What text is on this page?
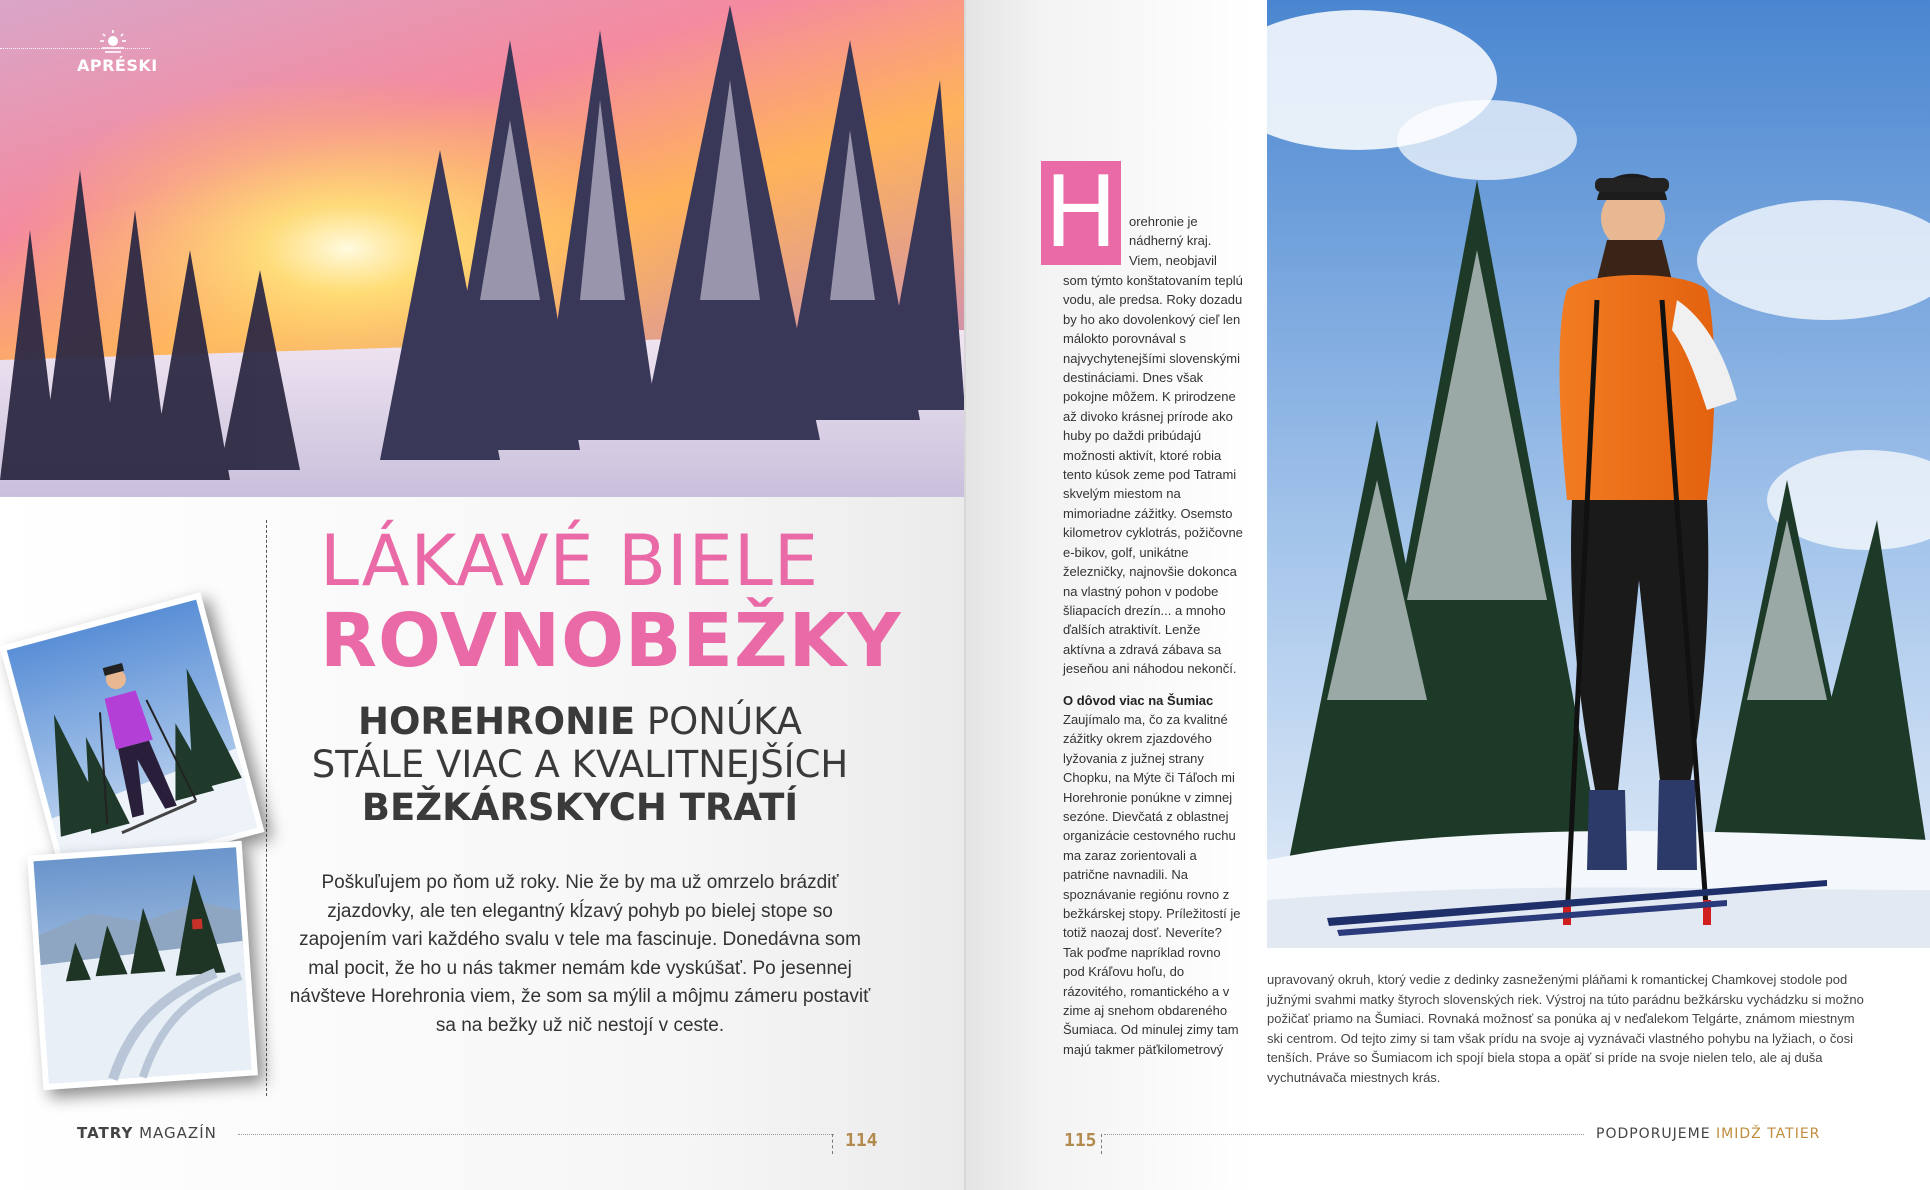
APRÉSKI
LÁKAVÉ BIELE
ROVNOBEŽKY
HOREHRONIE PONÚKA
STÁLE VIAC A KVALITNEJŠÍCH
BEŽKÁRSKYCH TRATÍ
Poškuľujem po ňom už roky. Nie že by ma už omrzelo brázdiť zjazdovky, ale ten elegantný kĺzavý pohyb po bielej stope so zapojením vari každého svalu v tele ma fascinuje. Donedávna som mal pocit, že ho u nás takmer nemám kde vyskúšať. Po jesennej návšteve Horehronia viem, že som sa mýlil a môjmu zámeru postaviť sa na bežky už nič nestojí v ceste.
TATRY MAGAZÍN	114
H orehronie je nádherný kraj. Viem, neobjavil

som týmto konštatovaním teplú vodu, ale predsa. Roky dozadu by ho ako dovolenkový cieľ len málokto porovnával s najvychytenejšími slovenskými destináciami. Dnes však pokojne môžem. K prirodzene až divoko krásnej prírode ako huby po daždi pribúdajú možnosti aktivít, ktoré robia tento kúsok zeme pod Tatrami skvelým miestom na mimoriadne zážitky. Osemsto kilometrov cyklotrás, požičovne e-bikov, golf, unikátne železničky, najnovšie dokonca na vlastný pohon v podobe šliapacích drezín... a mnoho ďalších atraktivít. Lenže aktívna a zdravá zábava sa jeseňou ani náhodou nekončí.

O dôvod viac na Šumiac

Zaujímalo ma, čo za kvalitné zážitky okrem zjazdového lyžovania z južnej strany Chopku, na Mýte či Táľoch mi Horehronie ponúkne v zimnej sezóne. Dievčatá z oblastnej organizácie cestovného ruchu ma zaraz zorientovali a patrične navnadili. Na spoznávanie regiónu rovno z bežkárskej stopy. Príležitostí je totiž naozaj dosť. Neveríte? Tak poďme napríklad rovno pod Kráľovu hoľu, do rázovitého, romantického a v zime aj snehom obdareného Šumiaca. Od minulej zimy tam majú takmer päťkilometrový

upravovaný okruh, ktorý vedie z dedinky zasneženými pláňami k romantickej Chamkovej stodole pod južnými svahmi matky štyroch slovenských riek. Výstroj na túto parádnu bežkársku vychádzku si možno požičať priamo na Šumiaci. Rovnaká možnosť sa ponúka aj v neďalekom Telgárte, známom miestnym ski centrom. Od tejto zimy si tam však prídu na svoje aj vyznávači vlastného pohybu na lyžiach, o čosi tenších. Práve so Šumiacom ich spojí biela stopa a opäť si príde na svoje nielen telo, ale aj duša vychutnávača miestnych krás.
115	PODPORUJEME IMIDŽ TATIER
